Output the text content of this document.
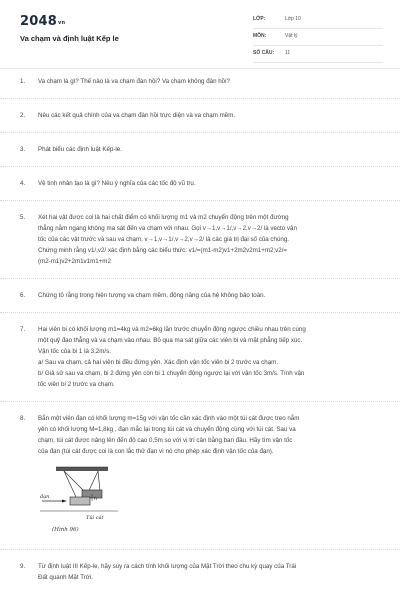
$2048^{vn}$
Va chạm và định luật Kếp le
LỚP:	Lớp 10
MÔN:	Vật lý
SỐ CÂU: 11
1. Va chạm là gì? Thế nào là va chạm đàn hồi? Va chạm không đàn hồi?

2. Nêu các kết quả chính của va chạm đàn hồi trực diện và va chạm mềm.

3. Phát biểu các định luật Kếp-le.

4. Vệ tinh nhân tạo là gì? Nêu ý nghĩa của các tốc độ vũ trụ.

5. Xét hai vật được coi là hai chất điểm có khối lượng m1 và m2 chuyển động trên một đường

thẳng nằm ngang không ma sát đến va chạm với nhau. Gọi v→1,v→1/,v→2,v→2/ là vecto vận

tốc của các vật trước và sau va chạm, v→1,v→1/,v→2,v→2/ là các giá trị đại số của chúng.

Chứng minh rằng v1/,v2/ xác định bằng các biểu thức: v1/=(m1-m2)v1+2m2v2m1+m2;v2/=

(m2-m1)v2+2m1v1m1+m2

6. Chứng tỏ rằng trong hiện tượng va chạm mềm, động năng của hệ không bảo toàn.

7. Hai viên bi có khối lượng m1=4kg và m2=6kg lăn trước chuyển động ngược chiều nhau trên cùng

một quỹ đạo thẳng và va chạm vào nhau. Bỏ qua ma sát giữa các viên bi và mặt phẳng tiếp xúc.

Vận tốc của bi 1 là 3,2m/s.

a/ Sau va chạm, cả hai viên bi đều đứng yên. Xác định vận tốc viên bi 2 trước va chạm.

b/ Giả sử sau va chạm, bi 2 đứng yên còn bi 1 chuyển động ngược lại với vận tốc 3m/s. Tính vận

tốc viên bi 2 trước va chạm.

8. Bắn một viên đạn có khối lượng m=15g với vận tốc cần xác định vào một túi cát được treo nằm

yên có khối lượng M=1,8kg , đạn mắc lại trong túi cát và chuyển động cùng với túi cát. Sau va

chạm, túi cát được nâng lên đến độ cao 0,5m so với vị trí cân bằng ban đầu. Hãy tìm vận tốc

của đạn (túi cát được coi là con lắc thử đạn vì nó cho phép xác định vận tốc của đạn).

đạn	h
Túi cát
(Hình 96)
9. Từ định luật III Kếp-le, hãy suy ra cách tính khối lượng của Mặt Trời theo chu kỳ quay của Trái

Đất quanh Mặt Trời.
